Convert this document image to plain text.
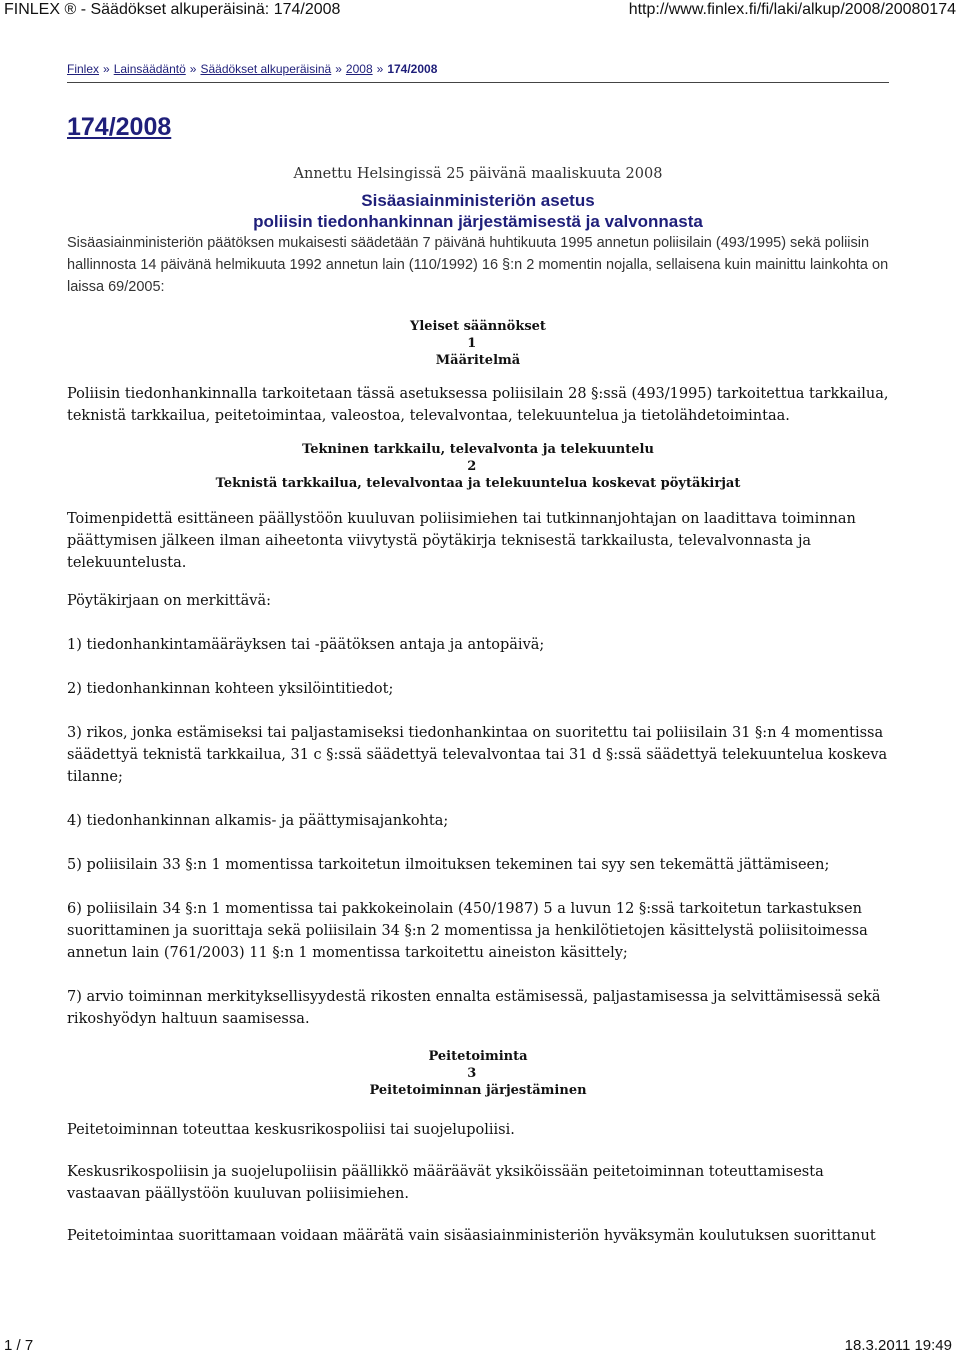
FINLEX ® - Säädökset alkuperäisinä: 174/2008	http://www.finlex.fi/fi/laki/alkup/2008/20080174
Finlex » Lainsäädäntö » Säädökset alkuperäisinä » 2008 » 174/2008
174/2008
Annettu Helsingissä 25 päivänä maaliskuuta 2008
Sisäasiainministeriön asetus
poliisin tiedonhankinnan järjestämisestä ja valvonnasta

Sisäasiainministeriön päätöksen mukaisesti säädetään 7 päivänä huhtikuuta 1995 annetun poliisilain (493/1995) sekä poliisin hallinnosta 14 päivänä helmikuuta 1992 annetun lain (110/1992) 16 §:n 2 momentin nojalla, sellaisena kuin mainittu lainkohta on laissa 69/2005:

Yleiset säännökset
1
Määritelmä

Poliisin tiedonhankinnalla tarkoitetaan tässä asetuksessa poliisilain 28 §:ssä (493/1995) tarkoitettua tarkkailua, teknistä tarkkailua, peitetoimintaa, valeostoa, televalvontaa, telekuuntelua ja tietolähdetoimintaa.

Tekninen tarkkailu, televalvonta ja telekuuntelu
2
Teknistä tarkkailua, televalvontaa ja telekuuntelua koskevat pöytäkirjat

Toimenpidettä esittäneen päällystöön kuuluvan poliisimiehen tai tutkinnanjohtajan on laadittava toiminnan päättymisen jälkeen ilman aiheetonta viivytystä pöytäkirja teknisestä tarkkailusta, televalvonnasta ja telekuuntelusta.

Pöytäkirjaan on merkittävä:

1) tiedonhankintamääräyksen tai -päätöksen antaja ja antopäivä;

2) tiedonhankinnan kohteen yksilöintitiedot;

3) rikos, jonka estämiseksi tai paljastamiseksi tiedonhankintaa on suoritettu tai poliisilain 31 §:n 4 momentissa säädettyä teknistä tarkkailua, 31 c §:ssä säädettyä televalvontaa tai 31 d §:ssä säädettyä telekuuntelua koskeva tilanne;

4) tiedonhankinnan alkamis- ja päättymisajankohta;

5) poliisilain 33 §:n 1 momentissa tarkoitetun ilmoituksen tekeminen tai syy sen tekemättä jättämiseen;

6) poliisilain 34 §:n 1 momentissa tai pakkokeinolain (450/1987) 5 a luvun 12 §:ssä tarkoitetun tarkastuksen suorittaminen ja suorittaja sekä poliisilain 34 §:n 2 momentissa ja henkilötietojen käsittelystä poliisitoimessa annetun lain (761/2003) 11 §:n 1 momentissa tarkoitettu aineiston käsittely;

7) arvio toiminnan merkityksellisyydestä rikosten ennalta estämisessä, paljastamisessa ja selvittämisessä sekä rikoshyödyn haltuun saamisessa.

Peitetoiminta
3
Peitetoiminnan järjestäminen

Peitetoiminnan toteuttaa keskusrikospoliisi tai suojelupoliisi.

Keskusrikospoliisin ja suojelupoliisin päällikkö määräävät yksiköissään peitetoiminnan toteuttamisesta vastaavan päällystöön kuuluvan poliisimiehen.

Peitetoimintaa suorittamaan voidaan määrätä vain sisäasiainministeriön hyväksymän koulutuksen suorittanut

1 / 7	18.3.2011 19:49
